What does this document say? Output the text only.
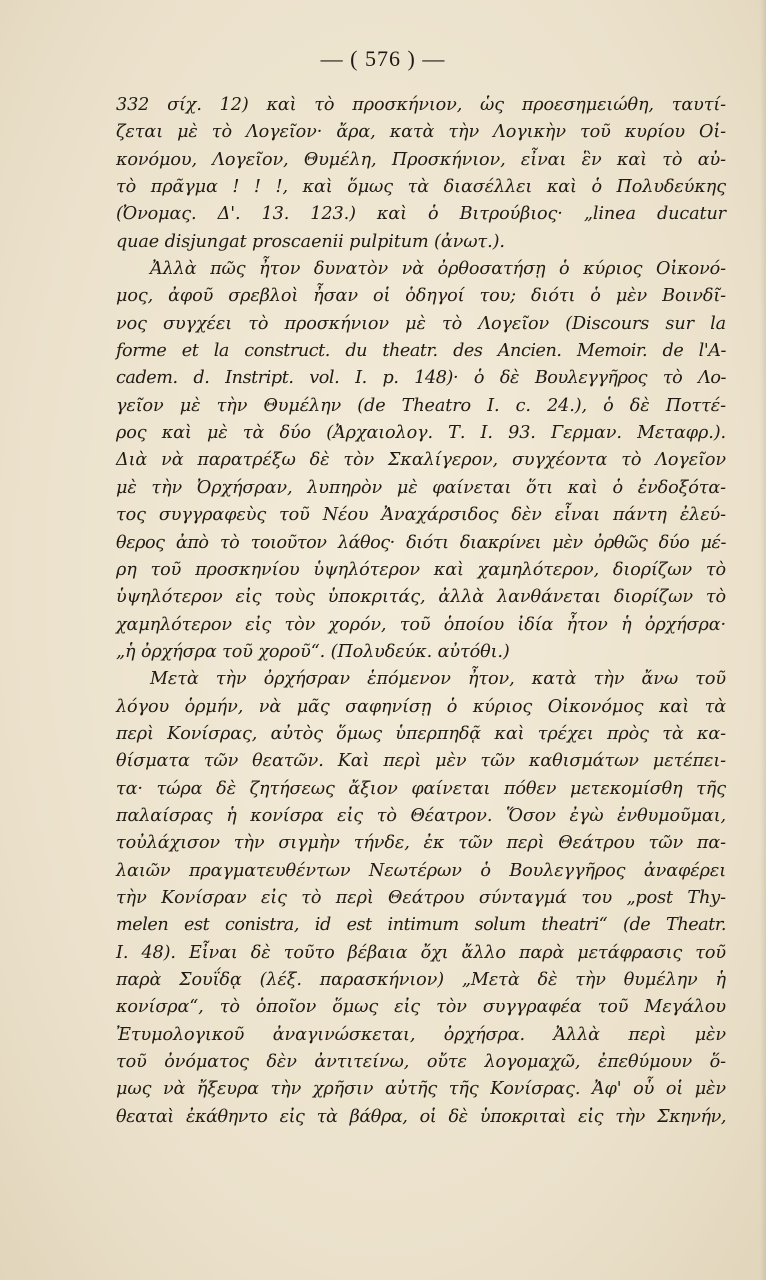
— ( 576 ) —
332 σίχ. 12) καὶ τὸ προσκήνιον, ὡς προεσημειώθη, ταυτί-
ζεται μὲ τὸ Λογεῖον· ἄρα, κατὰ τὴν Λογικὴν τοῦ κυρίου Οἰ-
κονόμου, Λογεῖον, Θυμέλη, Προσκήνιον, εἶναι ἓν καὶ τὸ αὐ-
τὸ πρᾶγμα ! ! !, καὶ ὅμως τὰ διασέλλει καὶ ὁ Πολυδεύκης
(Ὀνομας. Δ'. 13. 123.) καὶ ὁ Βιτρούβιος· „linea ducatur
quae disjungat proscaenii pulpitum (ἀνωτ.).
Ἀλλὰ πῶς ἦτον δυνατὸν νὰ ὀρθοσατήσῃ ὁ κύριος Οἰκονό-
μος, ἀφοῦ σρεβλοὶ ἦσαν οἱ ὁδηγοί του; διότι ὁ μὲν Βοινδῖ-
νος συγχέει τὸ προσκήνιον μὲ τὸ Λογεῖον (Discours sur la
forme et la construct. du theatr. des Ancien. Memoir. de l'A-
cadem. d. Instript. vol. I. p. 148)· ὁ δὲ Βουλεγγῆρος τὸ Λο-
γεῖον μὲ τὴν Θυμέλην (de Theatro I. c. 24.), ὁ δὲ Ποττέ-
ρος καὶ μὲ τὰ δύο (Ἀρχαιολογ. Τ. I. 93. Γερμαν. Μεταφρ.).
Διὰ νὰ παρατρέξω δὲ τὸν Σκαλίγερον, συγχέοντα τὸ Λογεῖον
μὲ τὴν Ὀρχήσραν, λυπηρὸν μὲ φαίνεται ὅτι καὶ ὁ ἐνδοξότα-
τος συγγραφεὺς τοῦ Νέου Ἀναχάρσιδος δὲν εἶναι πάντη ἐλεύ-
θερος ἀπὸ τὸ τοιοῦτον λάθος· διότι διακρίνει μὲν ὀρθῶς δύο μέ-
ρη τοῦ προσκηνίου ὑψηλότερον καὶ χαμηλότερον, διορίζων τὸ
ὑψηλότερον εἰς τοὺς ὑποκριτάς, ἀλλὰ λανθάνεται διορίζων τὸ
χαμηλότερον εἰς τὸν χορόν, τοῦ ὁποίου ἰδία ἦτον ἡ ὀρχήσρα·
„ἡ ὀρχήσρα τοῦ χοροῦ“. (Πολυδεύκ. αὐτόθι.)
Μετὰ τὴν ὀρχήσραν ἑπόμενον ἦτον, κατὰ τὴν ἄνω τοῦ
λόγου ὁρμήν, νὰ μᾶς σαφηνίσῃ ὁ κύριος Οἰκονόμος καὶ τὰ
περὶ Κονίσρας, αὐτὸς ὅμως ὑπερπηδᾷ καὶ τρέχει πρὸς τὰ κα-
θίσματα τῶν θεατῶν. Καὶ περὶ μὲν τῶν καθισμάτων μετέπει-
τα· τώρα δὲ ζητήσεως ἄξιον φαίνεται πόθεν μετεκομίσθη τῆς
παλαίσρας ἡ κονίσρα εἰς τὸ Θέατρον. Ὅσον ἐγὼ ἐνθυμοῦμαι,
τοὐλάχισον τὴν σιγμὴν τήνδε, ἐκ τῶν περὶ Θεάτρου τῶν πα-
λαιῶν πραγματευθέντων Νεωτέρων ὁ Βουλεγγῆρος ἀναφέρει
τὴν Κονίσραν εἰς τὸ περὶ Θεάτρου σύνταγμά του „post Thy-
melen est conistra, id est intimum solum theatri“ (de Theatr.
I. 48). Εἶναι δὲ τοῦτο βέβαια ὄχι ἄλλο παρὰ μετάφρασις τοῦ
παρὰ Σουΐδᾳ (λέξ. παρασκήνιον) „Μετὰ δὲ τὴν θυμέλην ἡ
κονίσρα“, τὸ ὁποῖον ὅμως εἰς τὸν συγγραφέα τοῦ Μεγάλου
Ἐτυμολογικοῦ ἀναγινώσκεται, ὀρχήσρα. Ἀλλὰ περὶ μὲν
τοῦ ὀνόματος δὲν ἀντιτείνω, οὔτε λογομαχῶ, ἐπεθύμουν ὅ-
μως νὰ ἤξευρα τὴν χρῆσιν αὐτῆς τῆς Κονίσρας. Ἀφ' οὗ οἱ μὲν
θεαταὶ ἐκάθηντο εἰς τὰ βάθρα, οἱ δὲ ὑποκριταὶ εἰς τὴν Σκηνήν,
